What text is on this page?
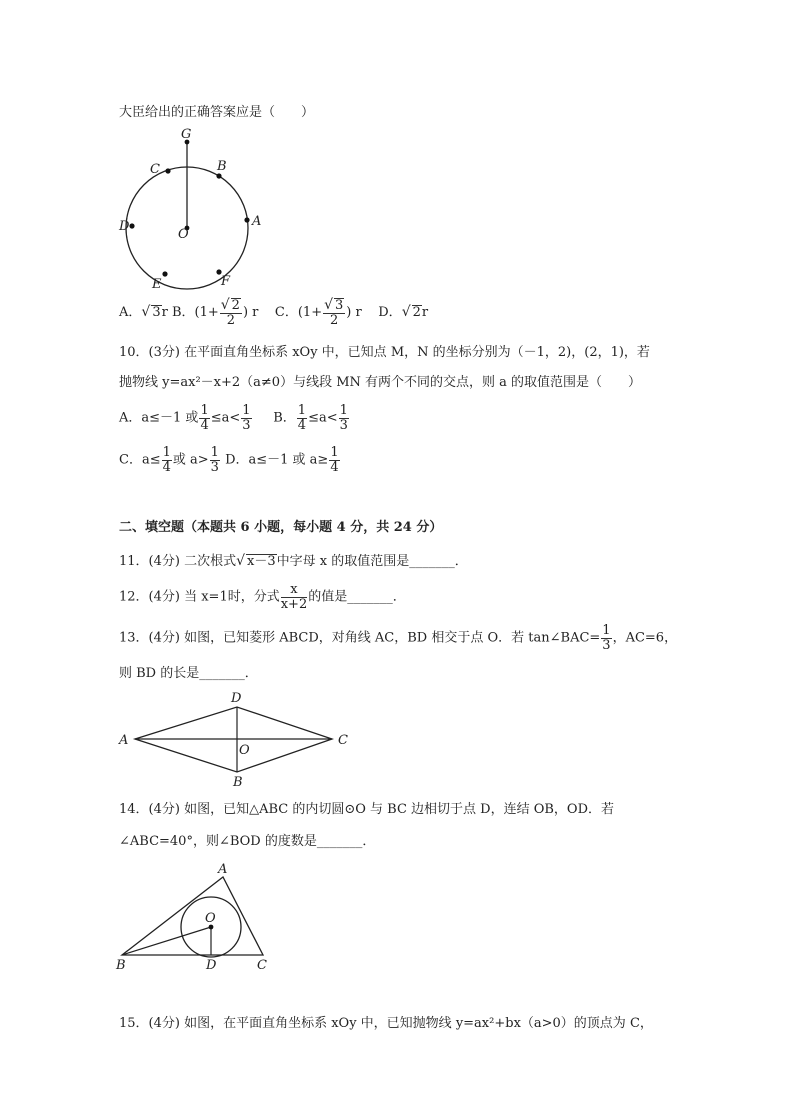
大臣给出的正确答案应是（　　）
G
B
C
D	A
O
E	F
A．√ 3r B．($1+ \frac{√ 2}{2}$ ) r C．($1+ \frac{√ 3}{2}$ ) r D．√ 2r
10．(3分) 在平面直角坐标系 xOy 中，已知点 M，N 的坐标分别为（－1，2)，(2，1)，若
抛物线 y=ax²－x+2（a≠0）与线段 MN 有两个不同的交点，则 a 的取值范围是（　　）
A．a≤－1 或 $\frac{1}{4} \le a< \frac{1}{3}$ B． $\frac{1}{4} \le a< \frac{1}{3}$
C．$a\le \frac{1}{4}$ 或 $a> \frac{1}{3}$ D．a≤－1 或 $a\ge \frac{1}{4}$
二、填空题（本题共 6 小题，每小题 4 分，共 24 分）
11．(4分) 二次根式√ x－3中字母 x 的取值范围是_______．
12．(4分) 当 x=1时，分式 $\frac{x}{x+2}$ 的值是_______．
13．(4分) 如图，已知菱形 ABCD，对角线 AC，BD 相交于点 O．若 tan∠BAC= $\frac{1}{3}$ ，AC=6，
则 BD 的长是_______．
A
D
C
B
O
14．(4分) 如图，已知△ABC 的内切圆⊙O 与 BC 边相切于点 D，连结 OB，OD．若
∠ABC=40°，则∠BOD 的度数是_______．
A
O
B	D	C
15．(4分) 如图，在平面直角坐标系 xOy 中，已知抛物线 y=ax²+bx（a>0）的顶点为 C，
